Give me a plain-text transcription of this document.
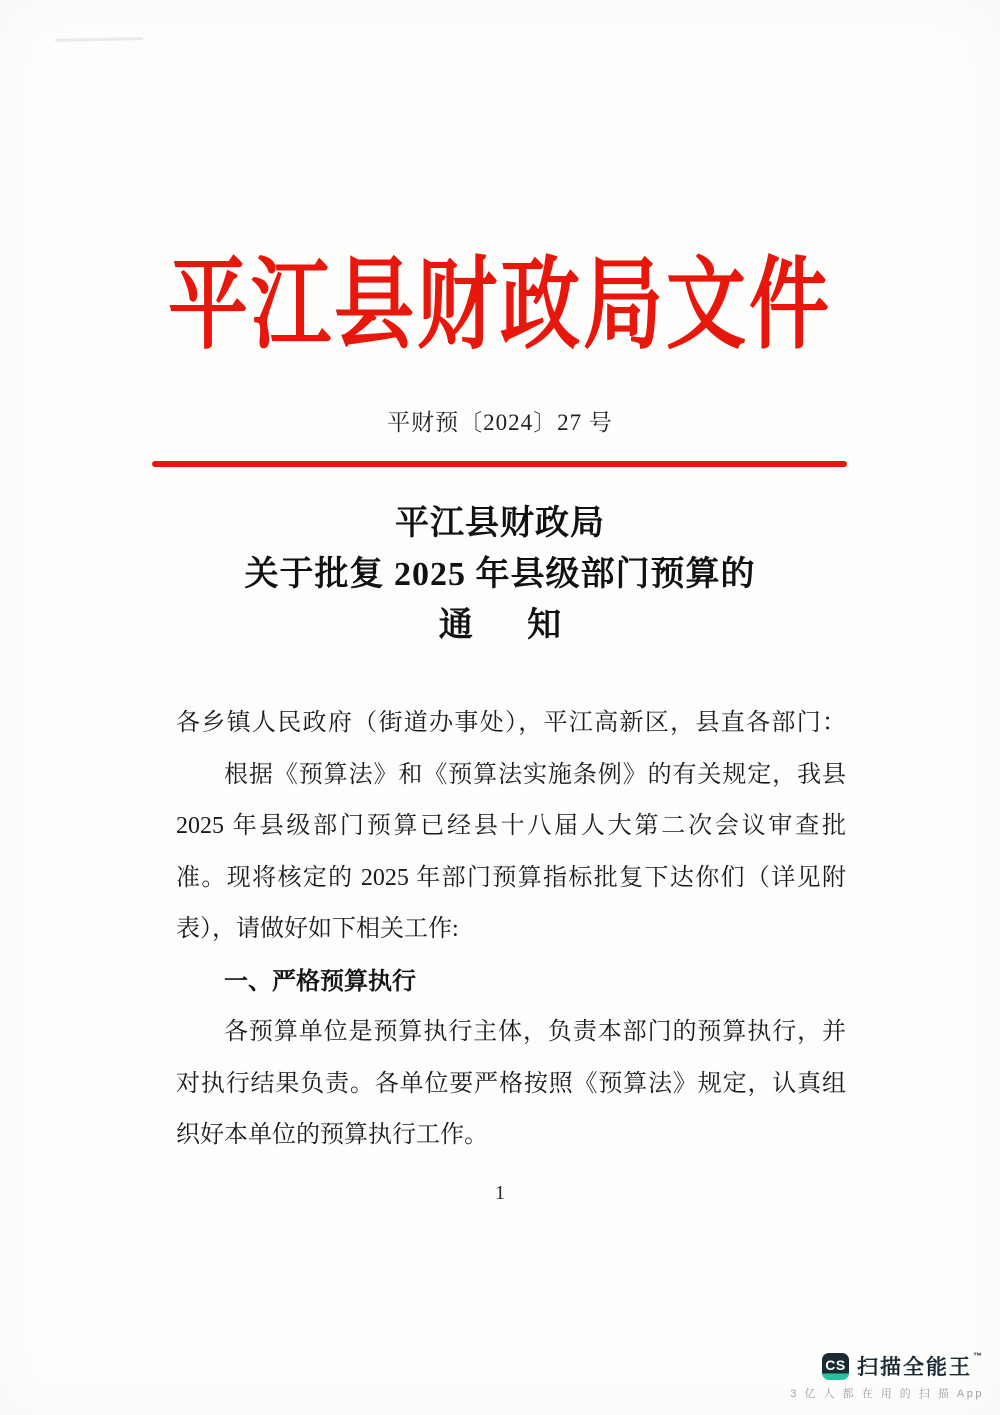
平江县财政局文件
平财预〔2024〕27 号
平江县财政局
关于批复 2025 年县级部门预算的
通　知
各乡镇人民政府（街道办事处），平江高新区，县直各部门：
根据《预算法》和《预算法实施条例》的有关规定，我县
2025 年县级部门预算已经县十八届人大第二次会议审查批
准。现将核定的 2025 年部门预算指标批复下达你们（详见附
表），请做好如下相关工作:
一、严格预算执行
各预算单位是预算执行主体，负责本部门的预算执行，并
对执行结果负责。各单位要严格按照《预算法》规定，认真组
织好本单位的预算执行工作。
1
CS 扫描全能王™
3 亿 人 都 在 用 的 扫 描 App
